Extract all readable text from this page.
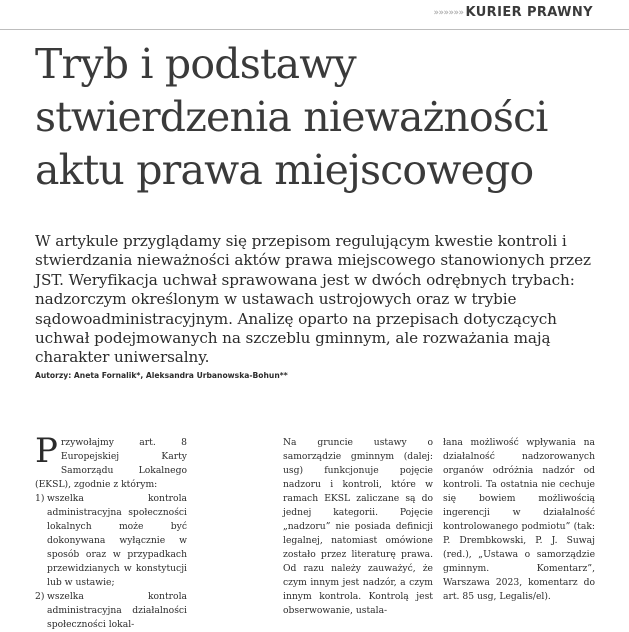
»»»»»» KURIER PRAWNY
Tryb i podstawy stwierdzenia nieważności aktu prawa miejscowego

W artykule przyglądamy się przepisom regulującym kwestie kontroli i stwierdzania nieważności aktów prawa miejscowego stanowionych przez JST. Weryfikacja uchwał sprawowana jest w dwóch odrębnych trybach: nadzorczym określonym w ustawach ustrojowych oraz w trybie sądowoadministracyjnym. Analizę oparto na przepisach dotyczących uchwał podejmowanych na szczeblu gminnym, ale rozważania mają charakter uniwersalny.

Autorzy: Aneta Fornalik*, Aleksandra Urbanowska-Bohun**

P rzywołajmy art. 8 Europejskiej Karty Samorządu Lokalnego (EKSL), zgodnie z którym:
1) wszelka kontrola administracyjna społeczności lokalnych może być dokonywana wyłącznie w sposób oraz w przypadkach przewidzianych w konstytucji lub w ustawie;
2) wszelka kontrola administracyjna działalności społeczności lokal-
Na gruncie ustawy o samorządzie gminnym (dalej: usg) funkcjonuje pojęcie nadzoru i kontroli, które w ramach EKSL zaliczane są do jednej kategorii. Pojęcie „nadzoru” nie posiada definicji legalnej, natomiast omówione zostało przez literaturę prawa. Od razu należy zauważyć, że czym innym jest nadzór, a czym innym kontrola. Kontrolą jest obserwowanie, ustala-
łana możliwość wpływania na działalność nadzorowanych organów odróżnia nadzór od kontroli. Ta ostatnia nie cechuje się bowiem możliwością ingerencji w działalność kontrolowanego podmiotu” (tak: P. Drembkowski, P. J. Suwaj (red.), „Ustawa o samorządzie gminnym. Komentarz”, Warszawa 2023, komentarz do art. 85 usg, Legalis/el).
